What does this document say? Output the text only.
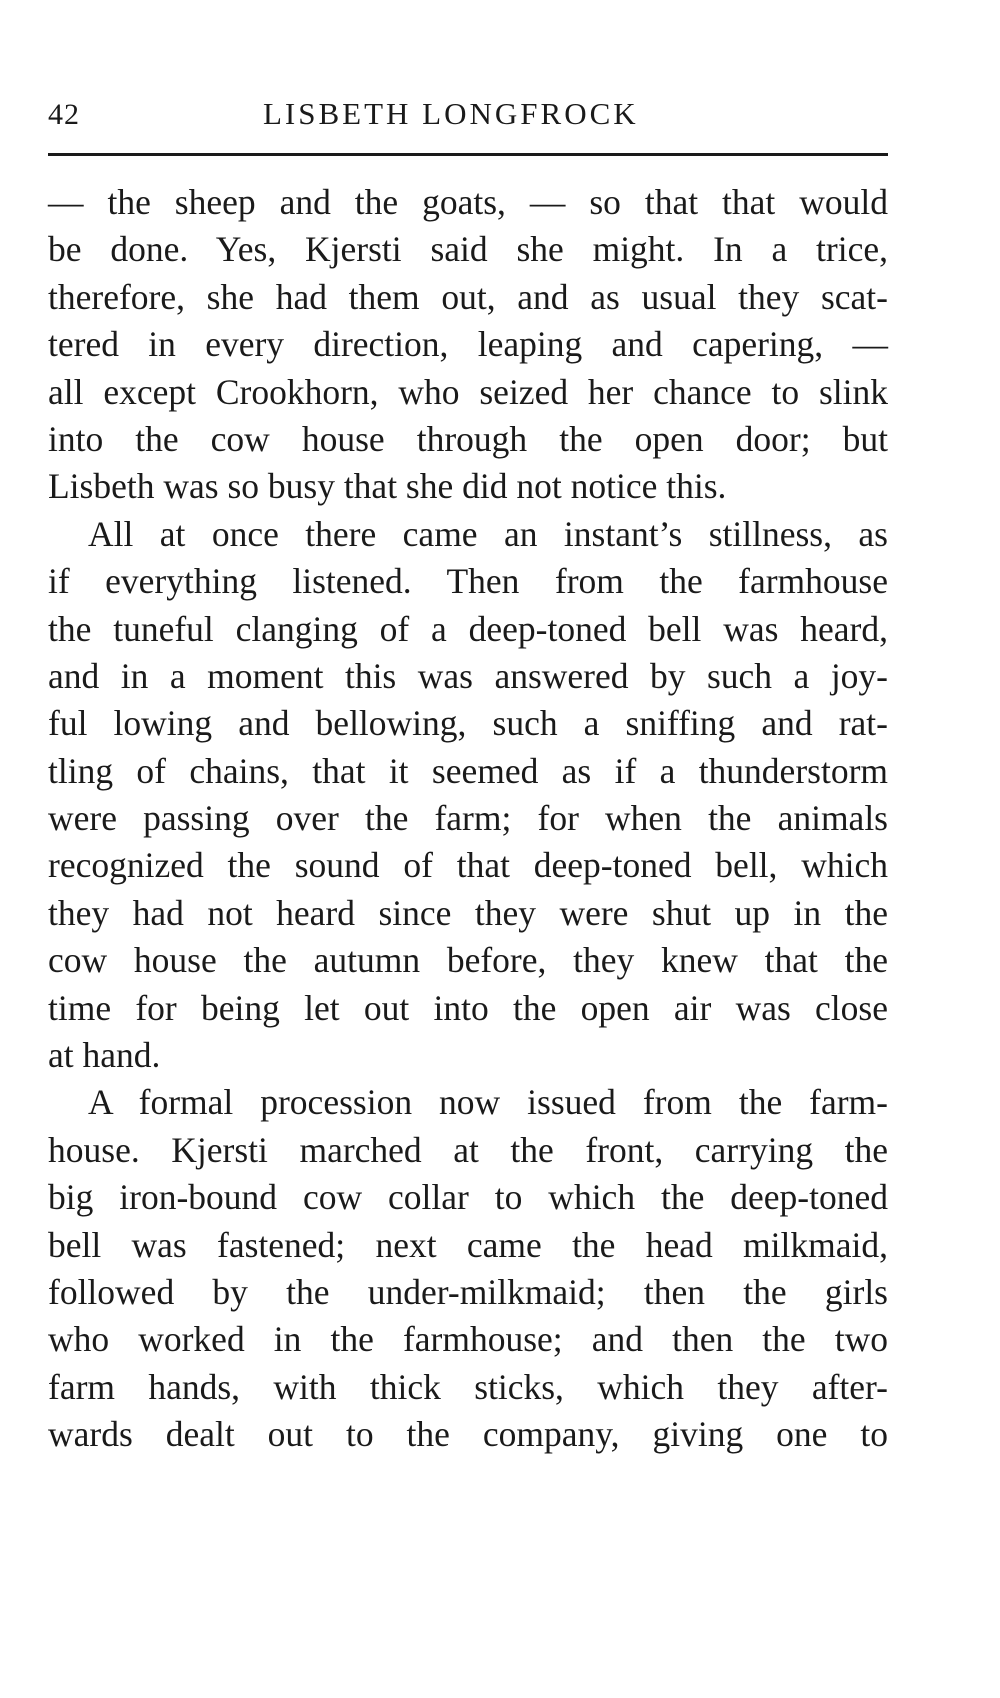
42	LISBETH LONGFROCK
— the sheep and the goats, — so that that would
be done. Yes, Kjersti said she might. In a trice,
therefore, she had them out, and as usual they scat-
tered in every direction, leaping and capering, —
all except Crookhorn, who seized her chance to slink
into the cow house through the open door; but
Lisbeth was so busy that she did not notice this.
All at once there came an instant’s stillness, as
if everything listened. Then from the farmhouse
the tuneful clanging of a deep-toned bell was heard,
and in a moment this was answered by such a joy-
ful lowing and bellowing, such a sniffing and rat-
tling of chains, that it seemed as if a thunderstorm
were passing over the farm; for when the animals
recognized the sound of that deep-toned bell, which
they had not heard since they were shut up in the
cow house the autumn before, they knew that the
time for being let out into the open air was close
at hand.
A formal procession now issued from the farm-
house. Kjersti marched at the front, carrying the
big iron-bound cow collar to which the deep-toned
bell was fastened; next came the head milkmaid,
followed by the under-milkmaid; then the girls
who worked in the farmhouse; and then the two
farm hands, with thick sticks, which they after-
wards dealt out to the company, giving one to
